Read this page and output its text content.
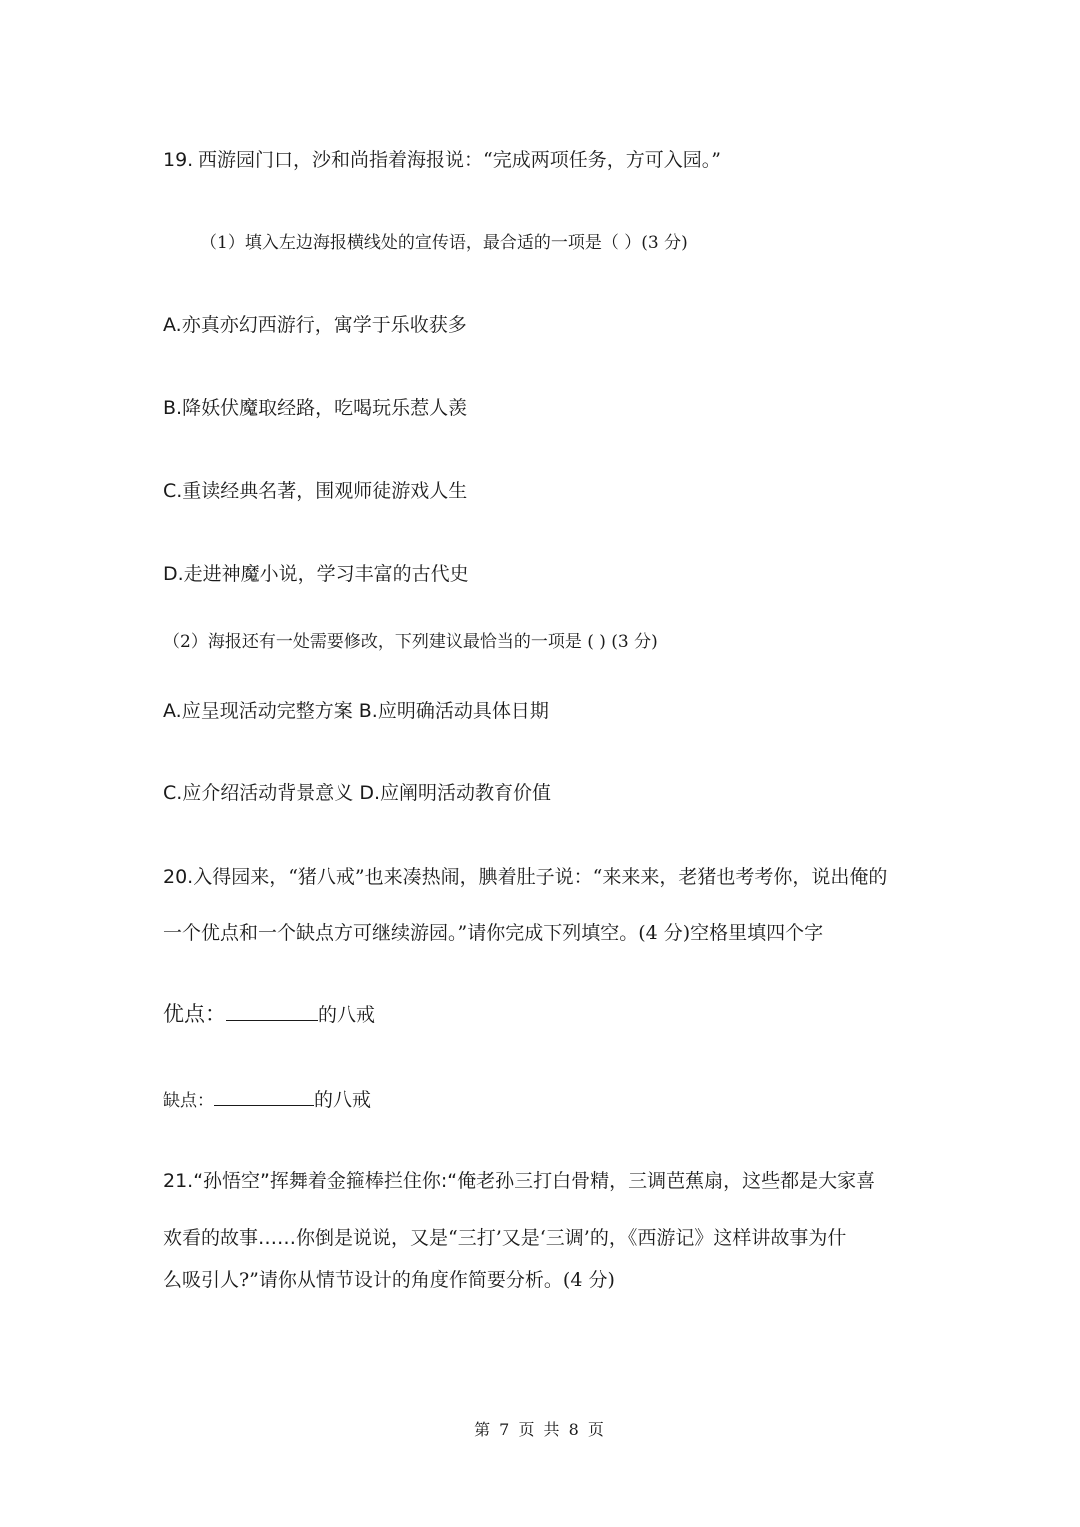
19. 西游园门口，沙和尚指着海报说：“完成两项任务，方可入园。”
（1）填入左边海报横线处的宣传语，最合适的一项是（ ）(3 分)
A.亦真亦幻西游行，寓学于乐收获多
B.降妖伏魔取经路，吃喝玩乐惹人羡
C.重读经典名著，围观师徒游戏人生
D.走进神魔小说，学习丰富的古代史
（2）海报还有一处需要修改，下列建议最恰当的一项是 ( ) (3 分)
A.应呈现活动完整方案 B.应明确活动具体日期
C.应介绍活动背景意义 D.应阐明活动教育价值
20.入得园来，“猪八戒”也来凑热闹，腆着肚子说：“来来来，老猪也考考你，说出俺的
一个优点和一个缺点方可继续游园。”请你完成下列填空。(4 分)空格里填四个字
优点：	的八戒
缺点：	的八戒
21.“孙悟空”挥舞着金箍棒拦住你:“俺老孙三打白骨精，三调芭蕉扇，这些都是大家喜
欢看的故事……你倒是说说，又是“三打’又是‘三调’的，《西游记》这样讲故事为什
么吸引人?”请你从情节设计的角度作简要分析。(4 分)
第 7 页 共 8 页
